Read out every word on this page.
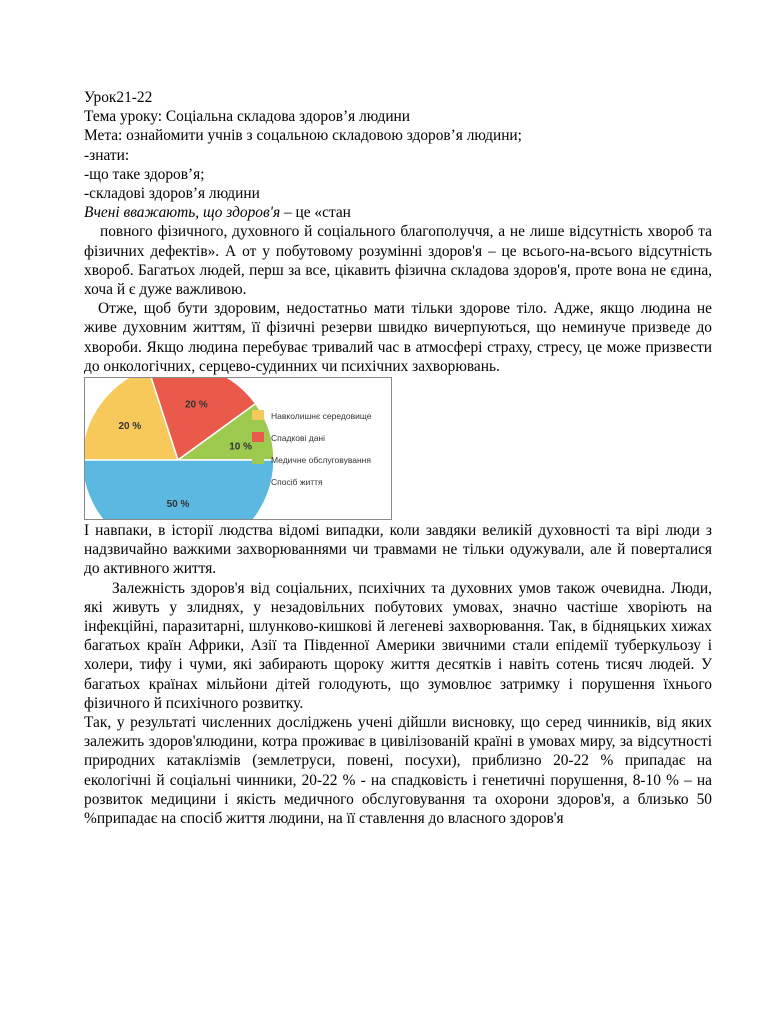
Урок21-22

Тема уроку: Соціальна складова здоров’я людини

Мета: ознайомити учнів з соцальною складовою здоров’я людини;

-знати:

-що таке здоров’я;

-складові здоров’я людини

Вчені вважають, що здоров'я – це «стан

повного фізичного, духовного й соціального благополуччя, а не лише відсутність хвороб та фізичних дефектів». А от у побутовому розумінні здоров'я – це всього-на-всього відсутність хвороб. Багатьох людей, перш за все, цікавить фізична складова здоров'я, проте вона не єдина, хоча й є дуже важливою.

Отже, щоб бути здоровим, недостатньо мати тільки здорове тіло. Адже, якщо людина не живе духовним життям, її фізичні резерви швидко вичерпуються, що неминуче призведе до хвороби. Якщо людина перебуває тривалий час в атмосфері страху, стресу, це може призвести до онкологічних, серцево-судинних чи психічних захворювань.

20 %
20 %
10 %
50 %
Навколишнє середовище
Спадкові дані
Медичне обслуговування
Спосіб життя

І навпаки, в історії людства відомі випадки, коли завдяки великій духовності та вірі люди з надзвичайно важкими захворюваннями чи травмами не тільки одужували, але й поверталися до активного життя.

Залежність здоров'я від соціальних, психічних та духовних умов також очевидна. Люди, які живуть у злиднях, у незадовільних побутових умовах, значно частіше хворіють на інфекційні, паразитарні, шлунково-кишкові й легеневі захворювання. Так, в бідняцьких хижах багатьох країн Африки, Азії та Південної Америки звичними стали епідемії туберкульозу і холери, тифу і чуми, які забирають щороку життя десятків і навіть сотень тисяч людей. У багатьох країнах мільйони дітей голодують, що зумовлює затримку і порушення їхнього фізичного й психічного розвитку.

Так, у результаті численних досліджень учені дійшли висновку, що серед чинників, від яких залежить здоров'ялюдини, котра проживає в цивілізованій країні в умовах миру, за відсутності природних катаклізмів (землетруси, повені, посухи), приблизно 20-22 % припадає на екологічні й соціальні чинники, 20-22 % - на спадковість і генетичні порушення, 8-10 % – на розвиток медицини і якість медичного обслуговування та охорони здоров'я, а близько 50 %припадає на спосіб життя людини, на її ставлення до власного здоров'я
